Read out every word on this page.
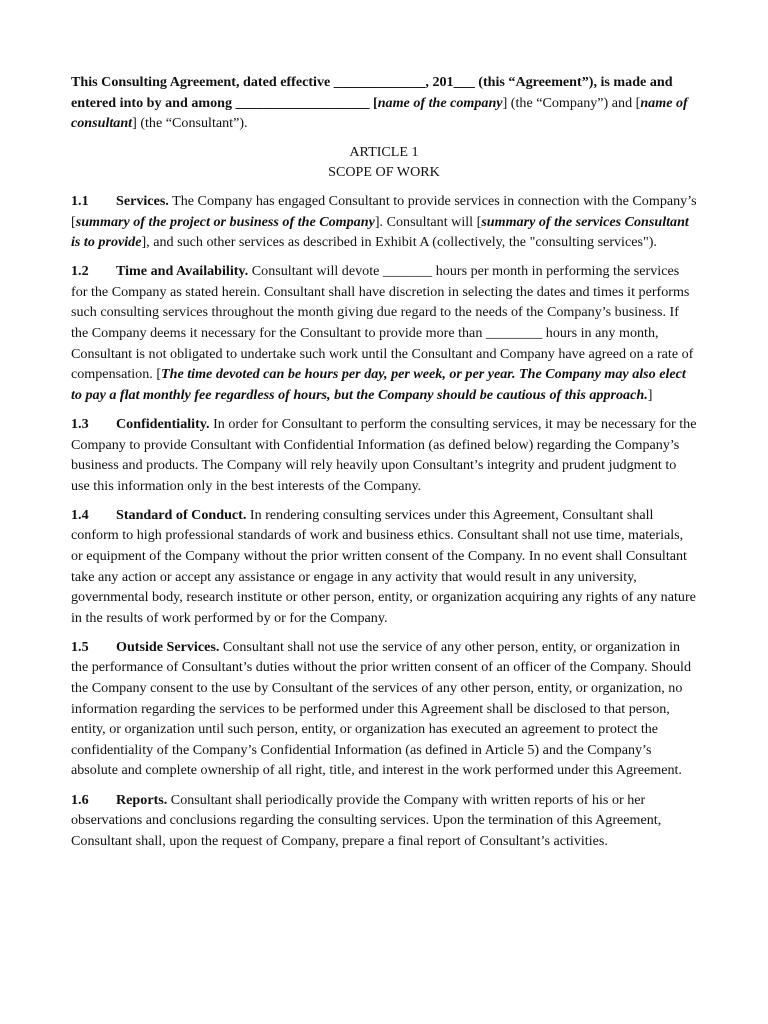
This Consulting Agreement, dated effective _____________, 201___ (this “Agreement”), is made and entered into by and among ___________________ [name of the company] (the “Company”) and [name of consultant] (the “Consultant”).

ARTICLE 1
SCOPE OF WORK

1.1 Services. The Company has engaged Consultant to provide services in connection with the Company’s [summary of the project or business of the Company]. Consultant will [summary of the services Consultant is to provide], and such other services as described in Exhibit A (collectively, the "consulting services").

1.2 Time and Availability. Consultant will devote _______ hours per month in performing the services for the Company as stated herein. Consultant shall have discretion in selecting the dates and times it performs such consulting services throughout the month giving due regard to the needs of the Company’s business. If the Company deems it necessary for the Consultant to provide more than ________ hours in any month, Consultant is not obligated to undertake such work until the Consultant and Company have agreed on a rate of compensation. [The time devoted can be hours per day, per week, or per year. The Company may also elect to pay a flat monthly fee regardless of hours, but the Company should be cautious of this approach.]

1.3 Confidentiality. In order for Consultant to perform the consulting services, it may be necessary for the Company to provide Consultant with Confidential Information (as defined below) regarding the Company’s business and products. The Company will rely heavily upon Consultant’s integrity and prudent judgment to use this information only in the best interests of the Company.

1.4 Standard of Conduct. In rendering consulting services under this Agreement, Consultant shall conform to high professional standards of work and business ethics. Consultant shall not use time, materials, or equipment of the Company without the prior written consent of the Company. In no event shall Consultant take any action or accept any assistance or engage in any activity that would result in any university, governmental body, research institute or other person, entity, or organization acquiring any rights of any nature in the results of work performed by or for the Company.

1.5 Outside Services. Consultant shall not use the service of any other person, entity, or organization in the performance of Consultant’s duties without the prior written consent of an officer of the Company. Should the Company consent to the use by Consultant of the services of any other person, entity, or organization, no information regarding the services to be performed under this Agreement shall be disclosed to that person, entity, or organization until such person, entity, or organization has executed an agreement to protect the confidentiality of the Company’s Confidential Information (as defined in Article 5) and the Company’s absolute and complete ownership of all right, title, and interest in the work performed under this Agreement.

1.6 Reports. Consultant shall periodically provide the Company with written reports of his or her observations and conclusions regarding the consulting services. Upon the termination of this Agreement, Consultant shall, upon the request of Company, prepare a final report of Consultant’s activities.
